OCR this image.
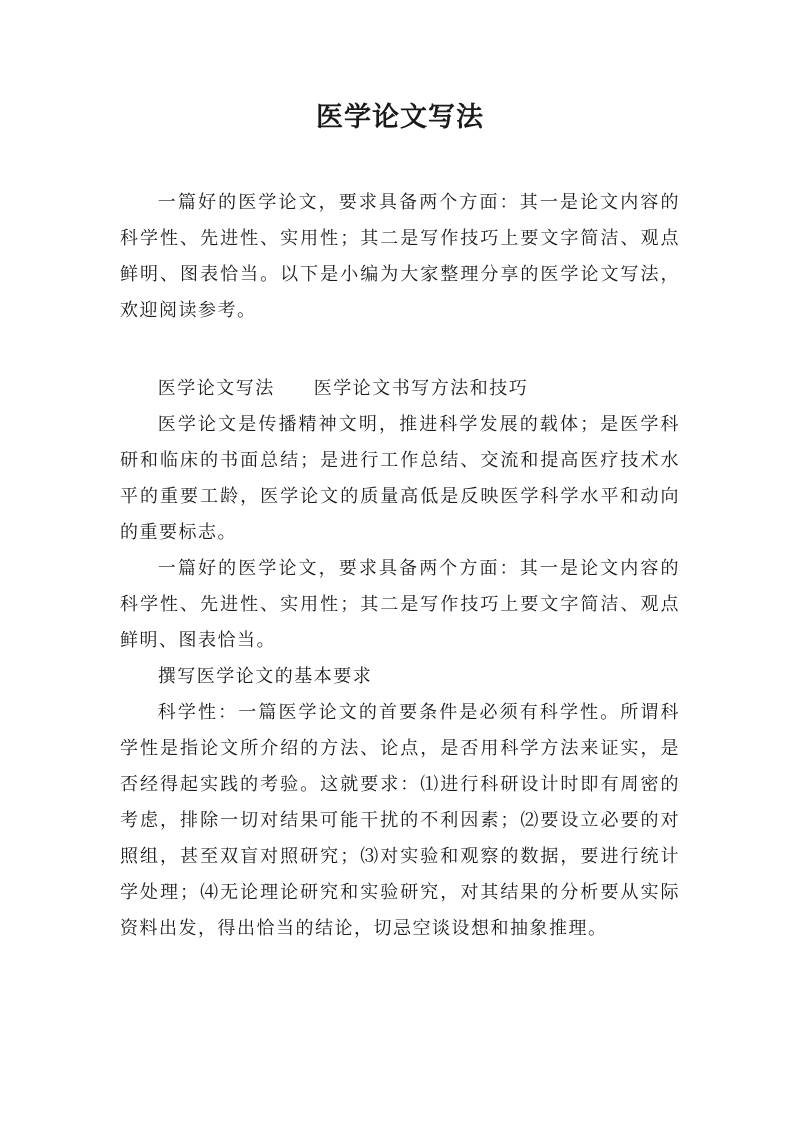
医学论文写法

一篇好的医学论文，要求具备两个方面：其一是论文内容的科学性、先进性、实用性；其二是写作技巧上要文字简洁、观点鲜明、图表恰当。以下是小编为大家整理分享的医学论文写法，欢迎阅读参考。

医学论文写法　　医学论文书写方法和技巧

医学论文是传播精神文明，推进科学发展的载体；是医学科研和临床的书面总结；是进行工作总结、交流和提高医疗技术水平的重要工龄，医学论文的质量高低是反映医学科学水平和动向的重要标志。

一篇好的医学论文，要求具备两个方面：其一是论文内容的科学性、先进性、实用性；其二是写作技巧上要文字简洁、观点鲜明、图表恰当。

撰写医学论文的基本要求

科学性：一篇医学论文的首要条件是必须有科学性。所谓科学性是指论文所介绍的方法、论点，是否用科学方法来证实，是否经得起实践的考验。这就要求：⑴进行科研设计时即有周密的考虑，排除一切对结果可能干扰的不利因素；⑵要设立必要的对照组，甚至双盲对照研究；⑶对实验和观察的数据，要进行统计学处理；⑷无论理论研究和实验研究，对其结果的分析要从实际资料出发，得出恰当的结论，切忌空谈设想和抽象推理。
